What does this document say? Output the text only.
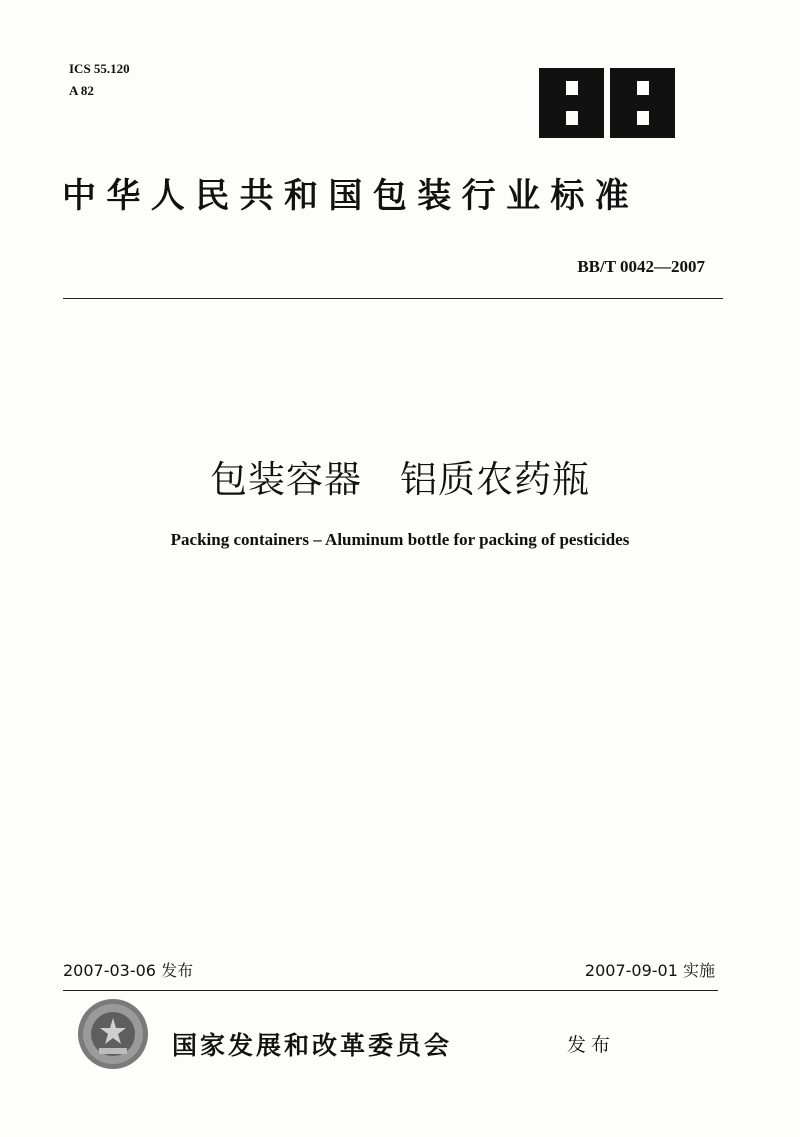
ICS 55.120
A 82
中华人民共和国包装行业标准
BB/T 0042—2007
包装容器　铝质农药瓶
Packing containers – Aluminum bottle for packing of pesticides
2007-03-06 发布	2007-09-01 实施
国家发展和改革委员会	发布
